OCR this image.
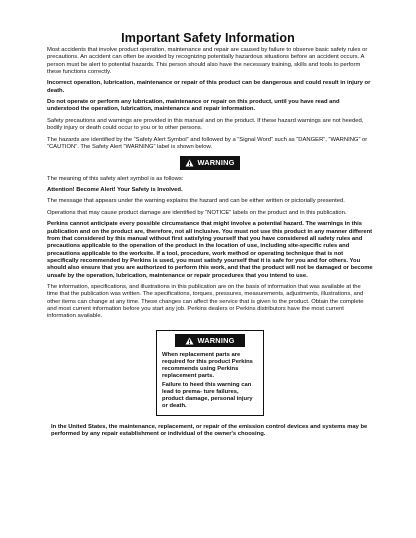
Important Safety Information

Most accidents that involve product operation, maintenance and repair are caused by failure to observe basic safety rules or precautions. An accident can often be avoided by recognizing potentially hazardous situations before an accident occurs. A person must be alert to potential hazards. This person should also have the necessary training, skills and tools to perform these functions correctly.

Incorrect operation, lubrication, maintenance or repair of this product can be dangerous and could result in injury or death.

Do not operate or perform any lubrication, maintenance or repair on this product, until you have read and understood the operation, lubrication, maintenance and repair information.

Safety precautions and warnings are provided in this manual and on the product. If these hazard warnings are not heeded, bodily injury or death could occur to you or to other persons.

The hazards are identified by the “Safety Alert Symbol” and followed by a “Signal Word” such as “DANGER”, “WARNING” or “CAUTION”. The Safety Alert “WARNING” label is shown below.

WARNING

The meaning of this safety alert symbol is as follows:

Attention! Become Alert! Your Safety is Involved.

The message that appears under the warning explains the hazard and can be either written or pictorially presented.

Operations that may cause product damage are identified by “NOTICE” labels on the product and in this publication.

Perkins cannot anticipate every possible circumstance that might involve a potential hazard. The warnings in this publication and on the product are, therefore, not all inclusive. You must not use this product in any manner different from that considered by this manual without first satisfying yourself that you have considered all safety rules and precautions applicable to the operation of the product in the location of use, including site-specific rules and precautions applicable to the worksite. If a tool, procedure, work method or operating technique that is not specifically recommended by Perkins is used, you must satisfy yourself that it is safe for you and for others. You should also ensure that you are authorized to perform this work, and that the product will not be damaged or become unsafe by the operation, lubrication, maintenance or repair procedures that you intend to use.

The information, specifications, and illustrations in this publication are on the basis of information that was available at the time that the publication was written. The specifications, torques, pressures, measurements, adjustments, illustrations, and other items can change at any time. These changes can affect the service that is given to the product. Obtain the complete and most current information before you start any job. Perkins dealers or Perkins distributors have the most current information available.

WARNING

When replacement parts are required for this product Perkins recommends using Perkins replacement parts.

Failure to heed this warning can lead to prema- ture failures, product damage, personal injury or death.

In the United States, the maintenance, replacement, or repair of the emission control devices and systems may be performed by any repair establishment or individual of the owner's choosing.
